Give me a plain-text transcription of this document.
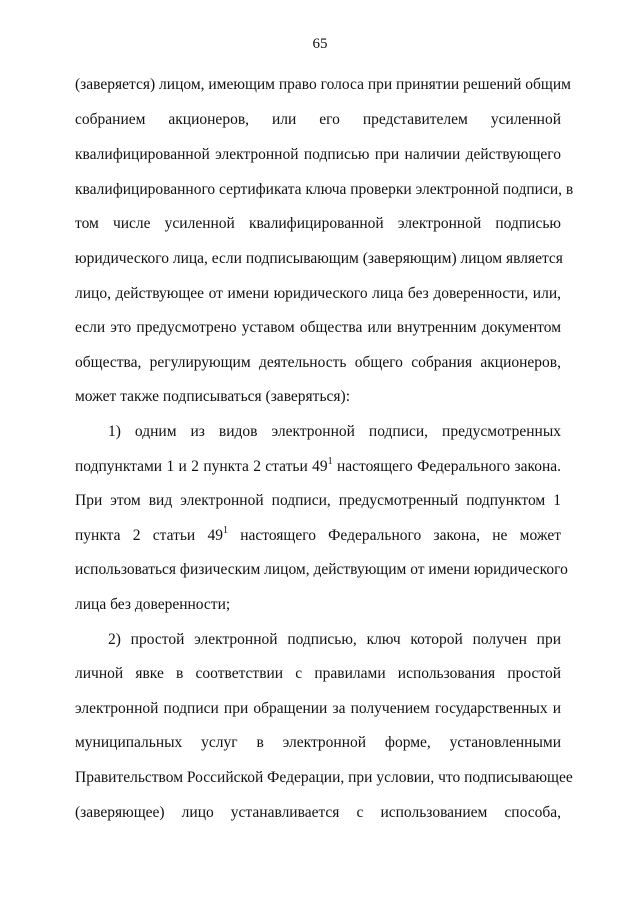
65
(заверяется) лицом, имеющим право голоса при принятии решений общим
собранием акционеров, или его представителем усиленной
квалифицированной электронной подписью при наличии действующего
квалифицированного сертификата ключа проверки электронной подписи, в
том числе усиленной квалифицированной электронной подписью
юридического лица, если подписывающим (заверяющим) лицом является
лицо, действующее от имени юридического лица без доверенности, или,
если это предусмотрено уставом общества или внутренним документом
общества, регулирующим деятельность общего собрания акционеров,
может также подписываться (заверяться):
1) одним из видов электронной подписи, предусмотренных
подпунктами 1 и 2 пункта 2 статьи $49^1$ настоящего Федерального закона.
При этом вид электронной подписи, предусмотренный подпунктом 1
пункта 2 статьи $49^1$ настоящего Федерального закона, не может
использоваться физическим лицом, действующим от имени юридического
лица без доверенности;
2) простой электронной подписью, ключ которой получен при
личной явке в соответствии с правилами использования простой
электронной подписи при обращении за получением государственных и
муниципальных услуг в электронной форме, установленными
Правительством Российской Федерации, при условии, что подписывающее
(заверяющее) лицо устанавливается с использованием способа,
